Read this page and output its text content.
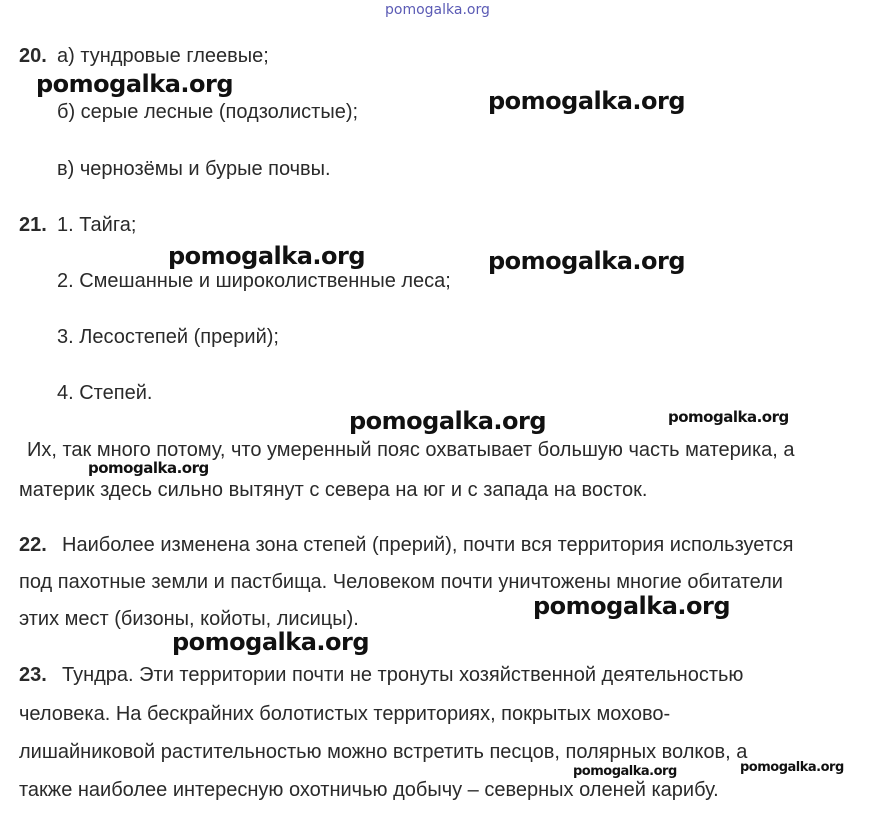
pomogalka.org
20. а) тундровые глеевые;
б) серые лесные (подзолистые);
в) чернозёмы и бурые почвы.
21. 1. Тайга;
2. Смешанные и широколиственные леса;
3. Лесостепей (прерий);
4. Степей.
Их, так много потому, что умеренный пояс охватывает большую часть материка, а
материк здесь сильно вытянут с севера на юг и с запада на восток.
22. Наиболее изменена зона степей (прерий), почти вся территория используется
под пахотные земли и пастбища. Человеком почти уничтожены многие обитатели
этих мест (бизоны, койоты, лисицы).
23. Тундра. Эти территории почти не тронуты хозяйственной деятельностью
человека. На бескрайних болотистых территориях, покрытых мохово-
лишайниковой растительностью можно встретить песцов, полярных волков, а
также наиболее интересную охотничью добычу – северных оленей карибу.
pomogalka.org
pomogalka.org
pomogalka.org	pomogalka.org
pomogalka.org	pomogalka.org
pomogalka.org
pomogalka.org
pomogalka.org
pomogalka.org	pomogalka.org
